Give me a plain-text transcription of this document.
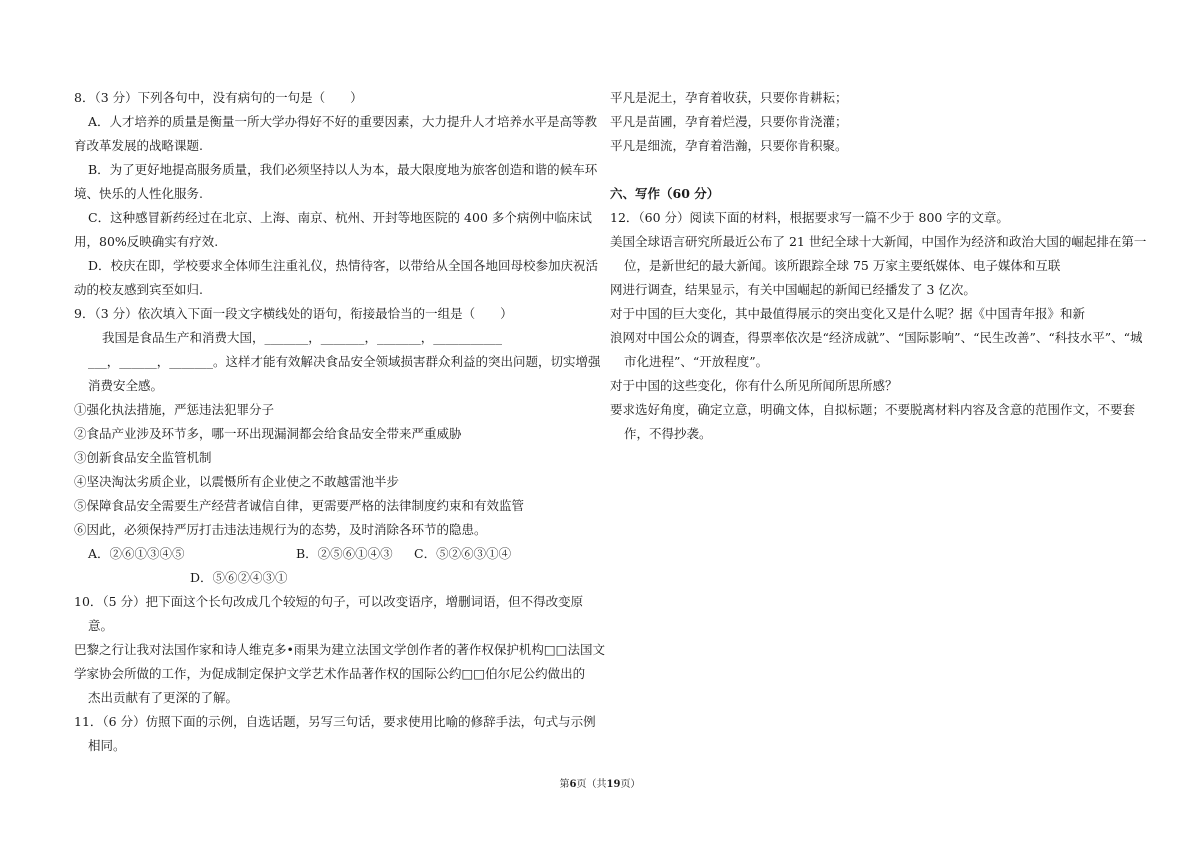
8．（3 分）下列各句中，没有病句的一句是（　　）
A．人才培养的质量是衡量一所大学办得好不好的重要因素，大力提升人才培养水平是高等教
育改革发展的战略课题.
B．为了更好地提高服务质量，我们必须坚持以人为本，最大限度地为旅客创造和谐的候车环
境、快乐的人性化服务.
C．这种感冒新药经过在北京、上海、南京、杭州、开封等地医院的 400 多个病例中临床试
用，80%反映确实有疗效.
D．校庆在即，学校要求全体师生注重礼仪，热情待客，以带给从全国各地回母校参加庆祝活
动的校友感到宾至如归.
9．（3 分）依次填入下面一段文字横线处的语句，衔接最恰当的一组是（　　）
我国是食品生产和消费大国，_______，_______，_______，___________
___，______，_______。这样才能有效解决食品安全领域损害群众利益的突出问题，切实增强
消费安全感。
①强化执法措施，严惩违法犯罪分子
②食品产业涉及环节多，哪一环出现漏洞都会给食品安全带来严重威胁
③创新食品安全监管机制
④坚决淘汰劣质企业，以震慑所有企业使之不敢越雷池半步
⑤保障食品安全需要生产经营者诚信自律，更需要严格的法律制度约束和有效监管
⑥因此，必须保持严厉打击违法违规行为的态势，及时消除各环节的隐患。
A．②⑥①③④⑤	B．②⑤⑥①④③ C．⑤②⑥③①④
D．⑤⑥②④③①
10．（5 分）把下面这个长句改成几个较短的句子，可以改变语序，增删词语，但不得改变原
意。
巴黎之行让我对法国作家和诗人维克多•雨果为建立法国文学创作者的著作权保护机构□□法国文
学家协会所做的工作，为促成制定保护文学艺术作品著作权的国际公约□□伯尔尼公约做出的
杰出贡献有了更深的了解。
11．（6 分）仿照下面的示例，自选话题，另写三句话，要求使用比喻的修辞手法，句式与示例
相同。
平凡是泥土，孕育着收获，只要你肯耕耘；
平凡是苗圃，孕育着烂漫，只要你肯浇灌；
平凡是细流，孕育着浩瀚，只要你肯积聚。
六、写作（60 分）
12．（60 分）阅读下面的材料，根据要求写一篇不少于 800 字的文章。
美国全球语言研究所最近公布了 21 世纪全球十大新闻，中国作为经济和政治大国的崛起排在第一
位，是新世纪的最大新闻。该所跟踪全球 75 万家主要纸媒体、电子媒体和互联
网进行调查，结果显示，有关中国崛起的新闻已经播发了 3 亿次。
对于中国的巨大变化，其中最值得展示的突出变化又是什么呢？据《中国青年报》和新
浪网对中国公众的调查，得票率依次是“经济成就”、“国际影响”、“民生改善”、“科技水平”、“城
市化进程”、“开放程度”。
对于中国的这些变化，你有什么所见所闻所思所感？
要求选好角度，确定立意，明确文体，自拟标题；不要脱离材料内容及含意的范围作文，不要套
作，不得抄袭。
第6页（共19页）
